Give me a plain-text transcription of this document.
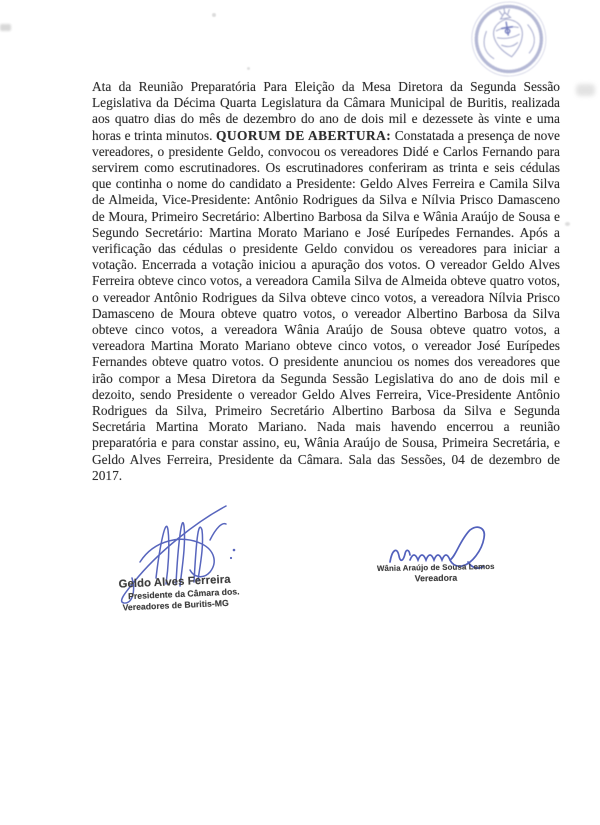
Ata da Reunião Preparatória Para Eleição da Mesa Diretora da Segunda Sessão Legislativa da Décima Quarta Legislatura da Câmara Municipal de Buritis, realizada aos quatro dias do mês de dezembro do ano de dois mil e dezessete às vinte e uma horas e trinta minutos. QUORUM DE ABERTURA: Constatada a presença de nove vereadores, o presidente Geldo, convocou os vereadores Didé e Carlos Fernando para servirem como escrutinadores. Os escrutinadores conferiram as trinta e seis cédulas que continha o nome do candidato a Presidente: Geldo Alves Ferreira e Camila Silva de Almeida, Vice-Presidente: Antônio Rodrigues da Silva e Nílvia Prisco Damasceno de Moura, Primeiro Secretário: Albertino Barbosa da Silva e Wânia Araújo de Sousa e Segundo Secretário: Martina Morato Mariano e José Eurípedes Fernandes. Após a verificação das cédulas o presidente Geldo convidou os vereadores para iniciar a votação. Encerrada a votação iniciou a apuração dos votos. O vereador Geldo Alves Ferreira obteve cinco votos, a vereadora Camila Silva de Almeida obteve quatro votos, o vereador Antônio Rodrigues da Silva obteve cinco votos, a vereadora Nílvia Prisco Damasceno de Moura obteve quatro votos, o vereador Albertino Barbosa da Silva obteve cinco votos, a vereadora Wânia Araújo de Sousa obteve quatro votos, a vereadora Martina Morato Mariano obteve cinco votos, o vereador José Eurípedes Fernandes obteve quatro votos. O presidente anunciou os nomes dos vereadores que irão compor a Mesa Diretora da Segunda Sessão Legislativa do ano de dois mil e dezoito, sendo Presidente o vereador Geldo Alves Ferreira, Vice-Presidente Antônio Rodrigues da Silva, Primeiro Secretário Albertino Barbosa da Silva e Segunda Secretária Martina Morato Mariano. Nada mais havendo encerrou a reunião preparatória e para constar assino, eu, Wânia Araújo de Sousa, Primeira Secretária, e Geldo Alves Ferreira, Presidente da Câmara. Sala das Sessões, 04 de dezembro de 2017.

Geldo Alves Ferreira
Presidente da Câmara dos.
Vereadores de Buritis-MG
Wânia Araújo de Sousa Lemos
Vereadora
